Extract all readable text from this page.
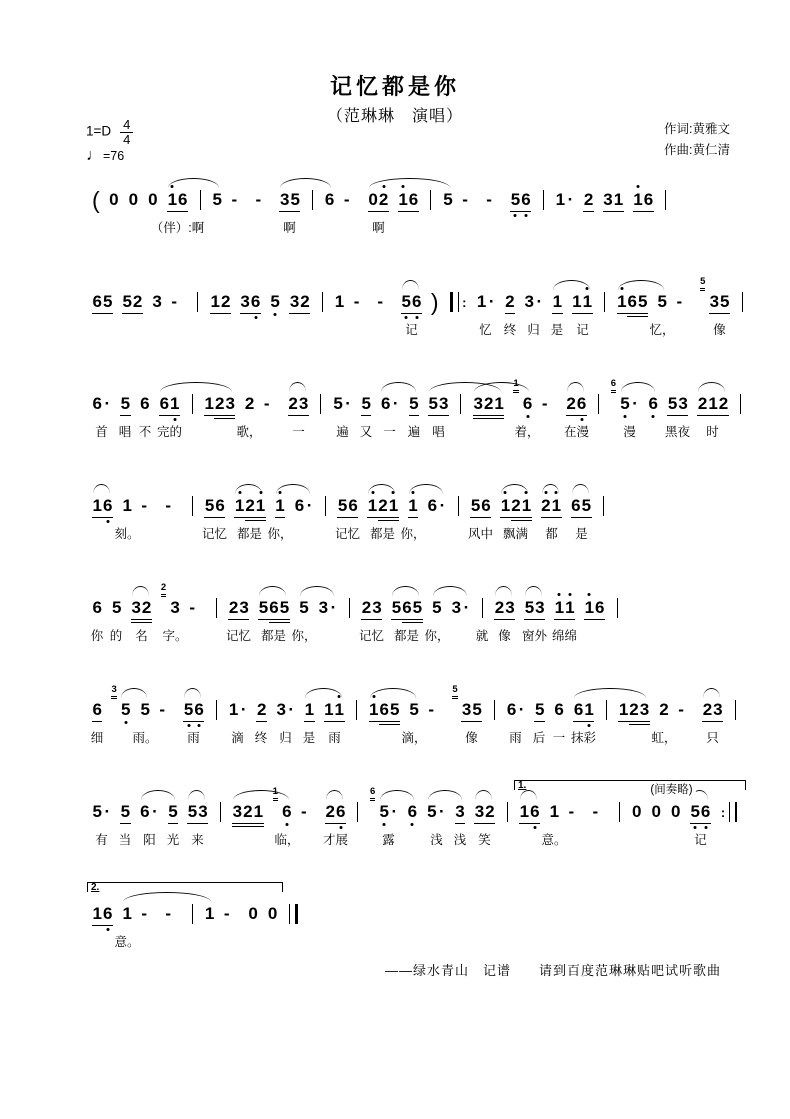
记忆都是你
（范琳琳　演唱）
$1=D \frac{4}{4}$
♩=76
作词:黄雅文
作曲:黄仁清
( 0 0 0 1 6 5 -	-	3 5 6 -	0 2 1 6 5 -	-	5 6 1 · 2 3 1 1 6
（伴）:啊	啊	啊
6 5 5 2 3 -	1 2 3 6 5 3 2 1 -	-	5 6 ) : 1 · 2 3 · 1 1 1 1 6 5 5 -
5
3 5
记	忆 终 归 是 记	忆，	像
6 · 5 6 6 1 1 2 3 2 -	2 3 5 · 5 6 · 5 5 3 3 2 1
1
6 -	2 6
6
5 · 6 5 3 2 1 2
首 唱 不 完的	歌， 一	遍 又 一 遍 唱	着， 在漫	漫 黑夜 时
1 6 1 -	-	5 6 1 2 1 1 6 · 5 6 1 2 1 1 6 · 5 6 1 2 1 2 1 6 5
刻。	记忆 都是 你，	记忆 都是 你，	风中 飘满 都 是
6 5 3 2
2
3 -	2 3 5 6 5 5 3 · 2 3 5 6 5 5 3 · 2 3 5 3 1 1 1 6
你 的 名 字。	记忆 都是 你，	记忆 都是 你， 就 像 窗外 绵绵
6
3
5 5 -	5 6 1 · 2 3 · 1 1 1 1 6 5 5 -
5
3 5 6 · 5 6 6 1 1 2 3 2 -	2 3
细 雨。 雨	滴 终 归 是 雨	滴，	像	雨 后 一 抹彩	虹， 只
5 · 5 6 · 5 5 3 3 2 1
1
6 -	2 6
6
5 · 6 5 · 3 3 2 1 6 1 -	-	0 0 0 5 6 :
有 当 阳 光 来	临， 才展	露	浅 浅 笑	意。	记
1.	(间奏略)
1 6 1 -	-	1 -	0 0
意。
2.
——绿水青山　记谱　　请到百度范琳琳贴吧试听歌曲
